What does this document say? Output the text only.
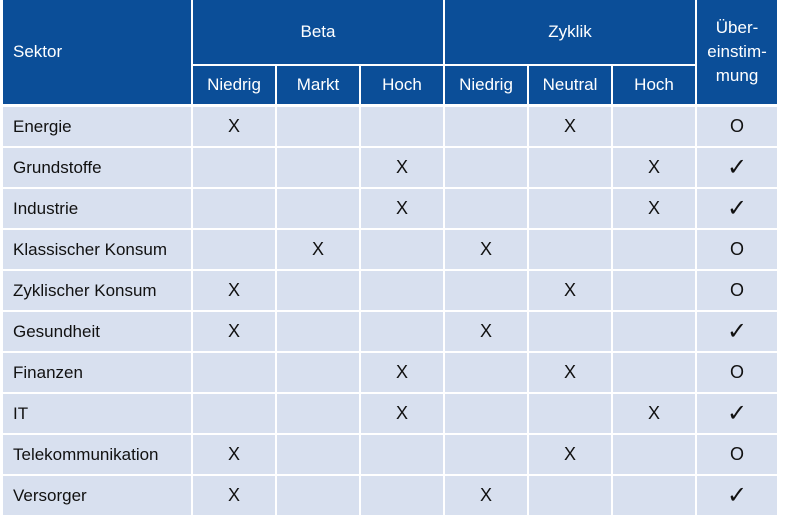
Sektor	Beta			Zyklik			Über-
einstim-
mung
	Niedrig	Markt	Hoch	Niedrig	Neutral	Hoch	
Energie	X				X		O
Grundstoffe			X			X	✓
Industrie			X			X	✓
Klassischer Konsum		X		X			O
Zyklischer Konsum	X				X		O
Gesundheit	X			X			✓
Finanzen			X		X		O
IT			X			X	✓
Telekommunikation	X				X		O
Versorger	X			X			✓
